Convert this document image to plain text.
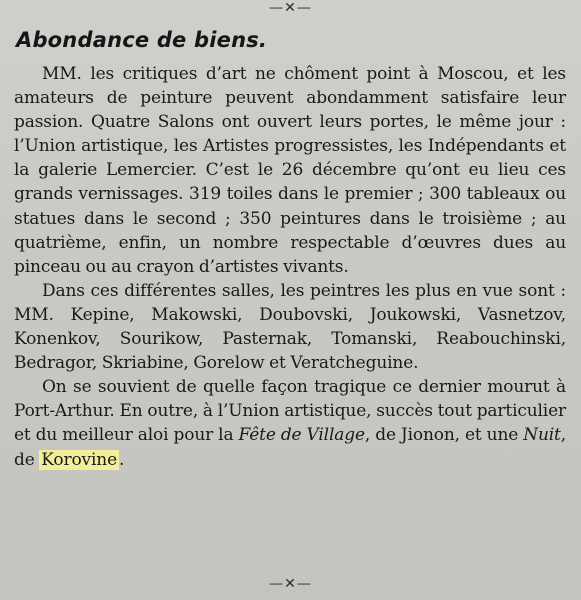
—✕—
Abondance de biens.

MM. les critiques d’art ne chôment point à Moscou, et les amateurs de peinture peuvent abondamment satisfaire leur passion. Quatre Salons ont ouvert leurs portes, le même jour : l’Union artistique, les Artistes progressistes, les Indépendants et la galerie Lemercier. C’est le 26 décembre qu’ont eu lieu ces grands vernissages. 319 toiles dans le premier ; 300 tableaux ou statues dans le second ; 350 peintures dans le troisième ; au quatrième, enfin, un nombre respectable d’œuvres dues au pinceau ou au crayon d’artistes vivants.

Dans ces différentes salles, les peintres les plus en vue sont : MM. Kepine, Makowski, Doubovski, Joukowski, Vasnetzov, Konenkov, Sourikow, Pasternak, Tomanski, Reabouchinski, Bedragor, Skriabine, Gorelow et Veratcheguine.

On se souvient de quelle façon tragique ce dernier mourut à Port-Arthur. En outre, à l’Union artistique, succès tout particulier et du meilleur aloi pour la Fête de Village, de Jionon, et une Nuit, de Korovine .

—✕—
